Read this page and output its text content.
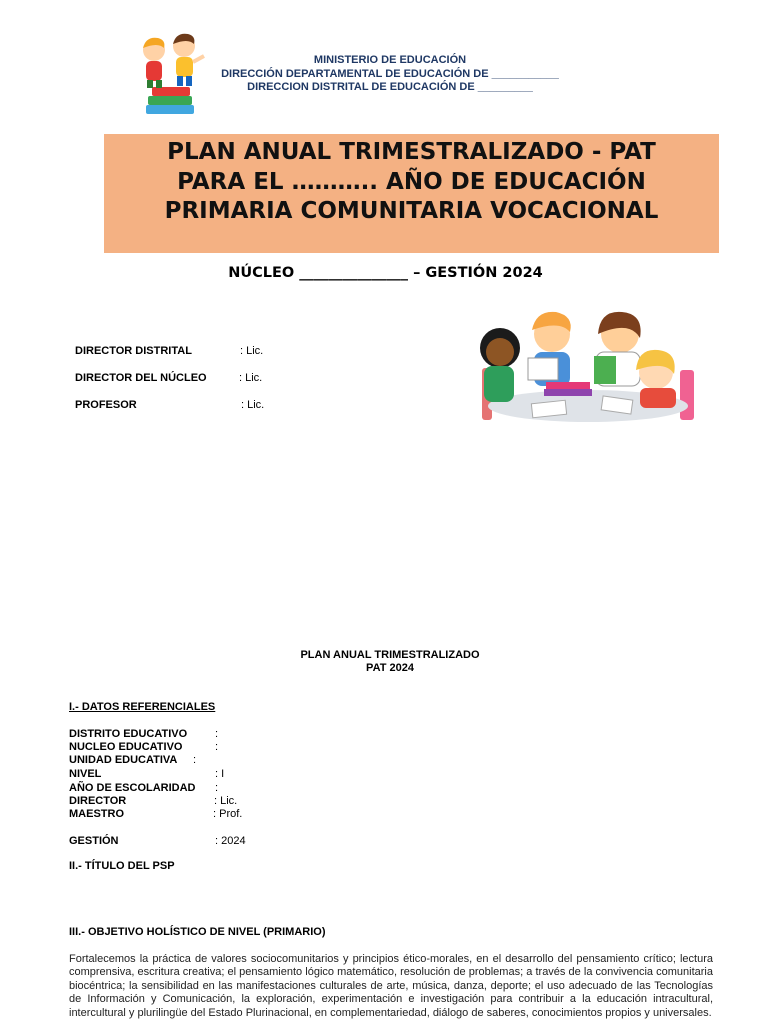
MINISTERIO DE EDUCACIÓN
DIRECCIÓN DEPARTAMENTAL DE EDUCACIÓN DE ___________
DIRECCION DISTRITAL DE EDUCACIÓN DE _________
PLAN ANUAL TRIMESTRALIZADO - PAT
PARA EL ……….. AÑO DE EDUCACIÓN
PRIMARIA COMUNITARIA VOCACIONAL
NÚCLEO _______________ – GESTIÓN 2024
DIRECTOR DISTRITAL	: Lic.
DIRECTOR DEL NÚCLEO	: Lic.
PROFESOR	: Lic.
PLAN ANUAL TRIMESTRALIZADO
PAT 2024
I.- DATOS REFERENCIALES
DISTRITO EDUCATIVO	:
NUCLEO EDUCATIVO	:
UNIDAD EDUCATIVA :
NIVEL	: I
AÑO DE ESCOLARIDAD :
DIRECTOR	: Lic.
MAESTRO	: Prof.
GESTIÓN	: 2024
II.- TÍTULO DEL PSP
III.- OBJETIVO HOLÍSTICO DE NIVEL (PRIMARIO)
Fortalecemos la práctica de valores sociocomunitarios y principios ético-morales, en el desarrollo del pensamiento crítico; lectura comprensiva, escritura creativa; el pensamiento lógico matemático, resolución de problemas; a través de la convivencia comunitaria biocéntrica; la sensibilidad en las manifestaciones culturales de arte, música, danza, deporte; el uso adecuado de las Tecnologías de Información y Comunicación, la exploración, experimentación e investigación para contribuir a la educación intracultural, intercultural y plurilingüe del Estado Plurinacional, en complementariedad, diálogo de saberes, conocimientos propios y universales.
